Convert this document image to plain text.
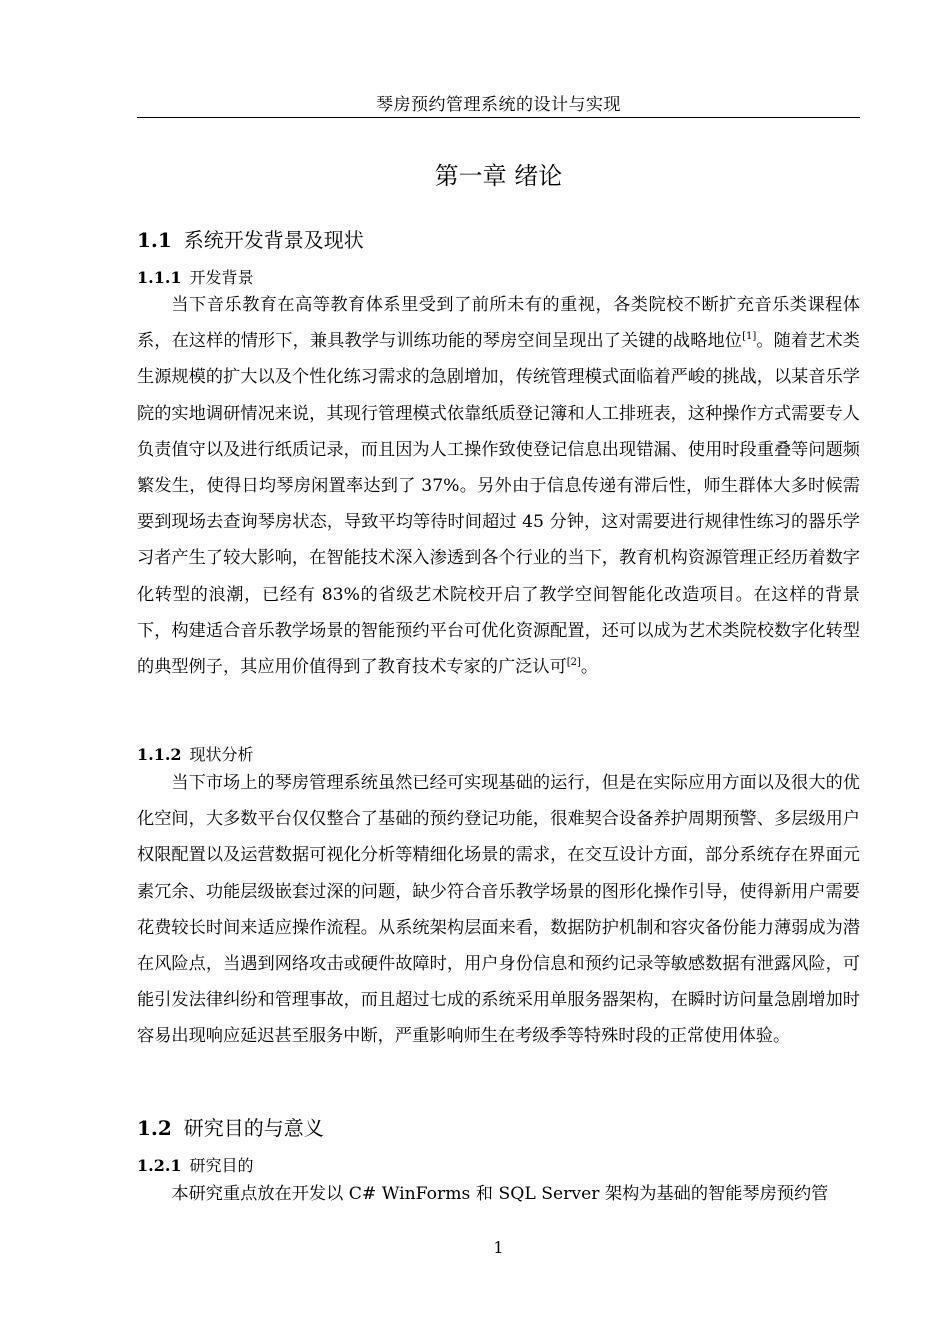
琴房预约管理系统的设计与实现
第一章 绪论
1.1 系统开发背景及现状
1.1.1 开发背景

当下音乐教育在高等教育体系里受到了前所未有的重视，各类院校不断扩充音乐类课程体系，在这样的情形下，兼具教学与训练功能的琴房空间呈现出了关键的战略地位[1]。随着艺术类生源规模的扩大以及个性化练习需求的急剧增加，传统管理模式面临着严峻的挑战，以某音乐学院的实地调研情况来说，其现行管理模式依靠纸质登记簿和人工排班表，这种操作方式需要专人负责值守以及进行纸质记录，而且因为人工操作致使登记信息出现错漏、使用时段重叠等问题频繁发生，使得日均琴房闲置率达到了 37%。另外由于信息传递有滞后性，师生群体大多时候需要到现场去查询琴房状态，导致平均等待时间超过 45 分钟，这对需要进行规律性练习的器乐学习者产生了较大影响，在智能技术深入渗透到各个行业的当下，教育机构资源管理正经历着数字化转型的浪潮，已经有 83%的省级艺术院校开启了教学空间智能化改造项目。在这样的背景下，构建适合音乐教学场景的智能预约平台可优化资源配置，还可以成为艺术类院校数字化转型的典型例子，其应用价值得到了教育技术专家的广泛认可[2]。

1.1.2 现状分析

当下市场上的琴房管理系统虽然已经可实现基础的运行，但是在实际应用方面以及很大的优化空间，大多数平台仅仅整合了基础的预约登记功能，很难契合设备养护周期预警、多层级用户权限配置以及运营数据可视化分析等精细化场景的需求，在交互设计方面，部分系统存在界面元素冗余、功能层级嵌套过深的问题，缺少符合音乐教学场景的图形化操作引导，使得新用户需要花费较长时间来适应操作流程。从系统架构层面来看，数据防护机制和容灾备份能力薄弱成为潜在风险点，当遇到网络攻击或硬件故障时，用户身份信息和预约记录等敏感数据有泄露风险，可能引发法律纠纷和管理事故，而且超过七成的系统采用单服务器架构，在瞬时访问量急剧增加时容易出现响应延迟甚至服务中断，严重影响师生在考级季等特殊时段的正常使用体验。

1.2 研究目的与意义
1.2.1 研究目的

本研究重点放在开发以 C# WinForms 和 SQL Server 架构为基础的智能琴房预约管

1
